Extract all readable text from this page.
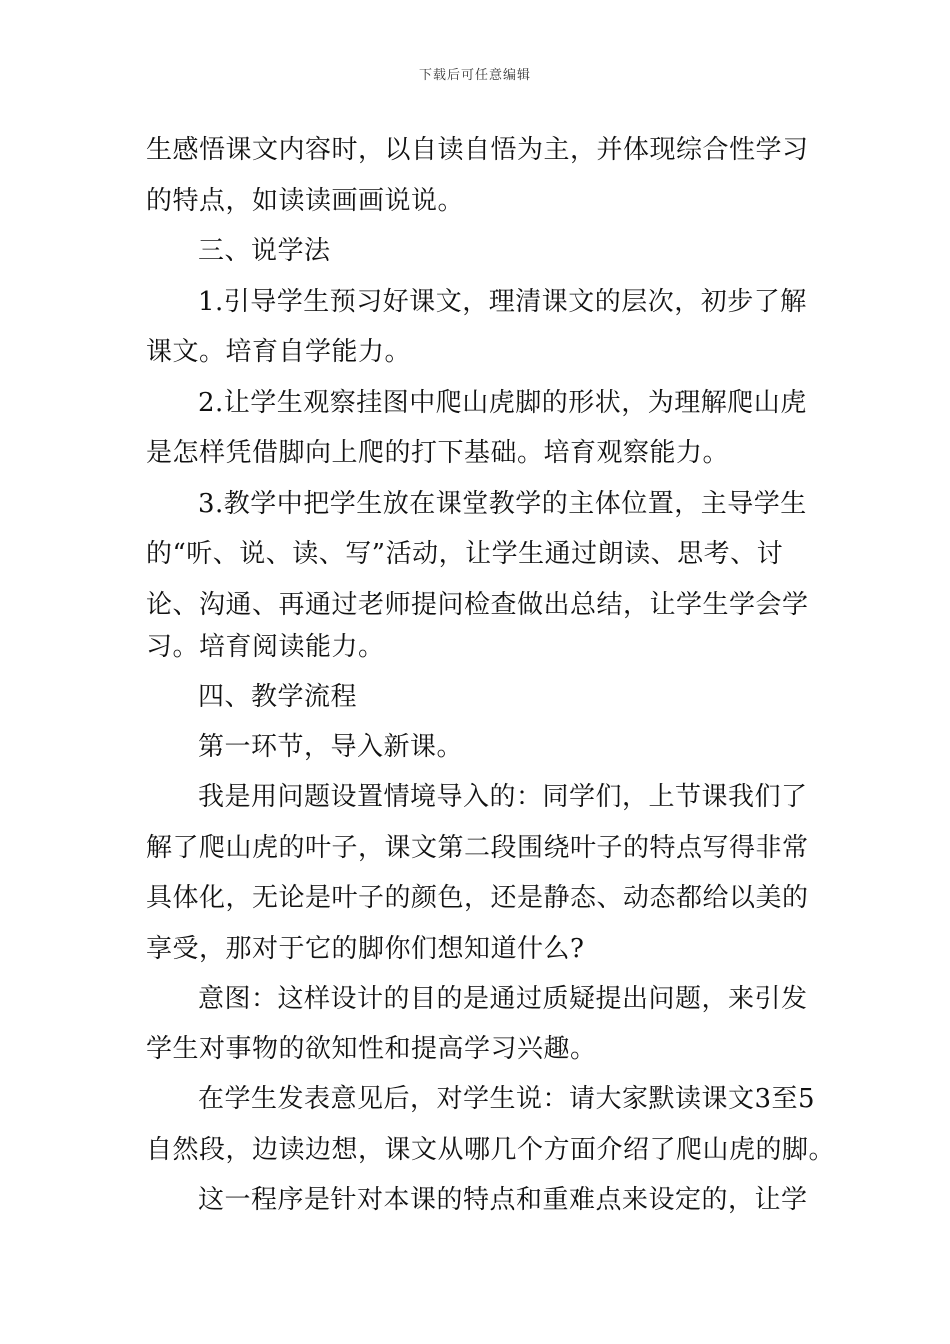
下载后可任意编辑
生感悟课文内容时，以自读自悟为主，并体现综合性学习
的特点，如读读画画说说。
三、说学法
1.引导学生预习好课文，理清课文的层次，初步了解
课文。培育自学能力。
2.让学生观察挂图中爬山虎脚的形状，为理解爬山虎
是怎样凭借脚向上爬的打下基础。培育观察能力。
3.教学中把学生放在课堂教学的主体位置，主导学生
的“听、说、读、写”活动，让学生通过朗读、思考、讨
论、沟通、再通过老师提问检查做出总结，让学生学会学
习。培育阅读能力。
四、教学流程
第一环节，导入新课。
我是用问题设置情境导入的：同学们，上节课我们了
解了爬山虎的叶子，课文第二段围绕叶子的特点写得非常
具体化，无论是叶子的颜色，还是静态、动态都给以美的
享受，那对于它的脚你们想知道什么?
意图：这样设计的目的是通过质疑提出问题，来引发
学生对事物的欲知性和提高学习兴趣。
在学生发表意见后，对学生说：请大家默读课文3至5
自然段，边读边想，课文从哪几个方面介绍了爬山虎的脚。
这一程序是针对本课的特点和重难点来设定的，让学
